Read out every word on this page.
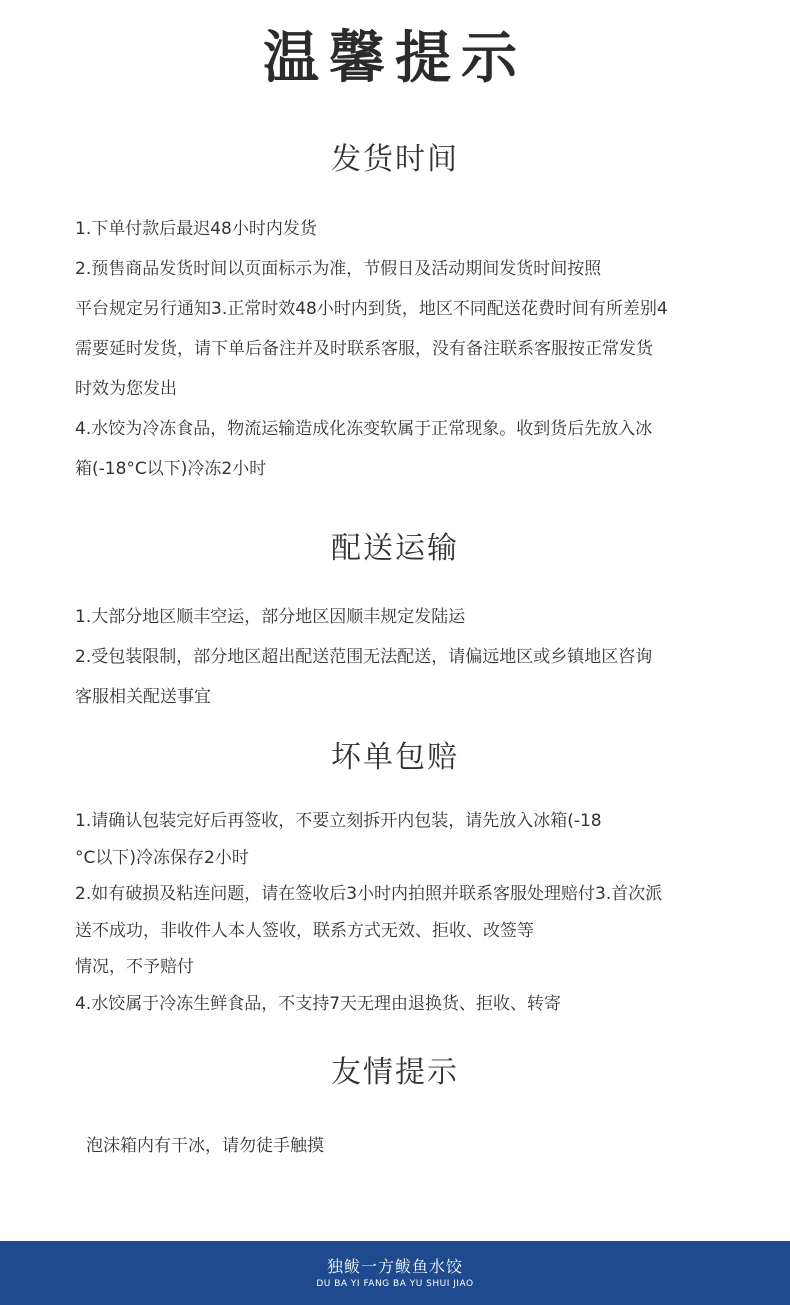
温馨提示
发货时间

1.下单付款后最迟48小时内发货

2.预售商品发货时间以页面标示为准，节假日及活动期间发货时间按照

平台规定另行通知3.正常时效48小时内到货，地区不同配送花费时间有所差别4

需要延时发货，请下单后备注并及时联系客服，没有备注联系客服按正常发货

时效为您发出

4.水饺为冷冻食品，物流运输造成化冻变软属于正常现象。收到货后先放入冰

箱(-18°C以下)冷冻2小时

配送运输

1.大部分地区顺丰空运，部分地区因顺丰规定发陆运

2.受包装限制，部分地区超出配送范围无法配送，请偏远地区或乡镇地区咨询

客服相关配送事宜

坏单包赔

1.请确认包装完好后再签收，不要立刻拆开内包装，请先放入冰箱(-18

°C以下)冷冻保存2小时

2.如有破损及粘连问题，请在签收后3小时内拍照并联系客服处理赔付3.首次派

送不成功，非收件人本人签收，联系方式无效、拒收、改签等

情况，不予赔付

4.水饺属于冷冻生鲜食品，不支持7天无理由退换货、拒收、转寄

友情提示

泡沫箱内有干冰，请勿徒手触摸

独鲅一方鲅鱼水饺
DU BA YI FANG BA YU SHUI JIAO
